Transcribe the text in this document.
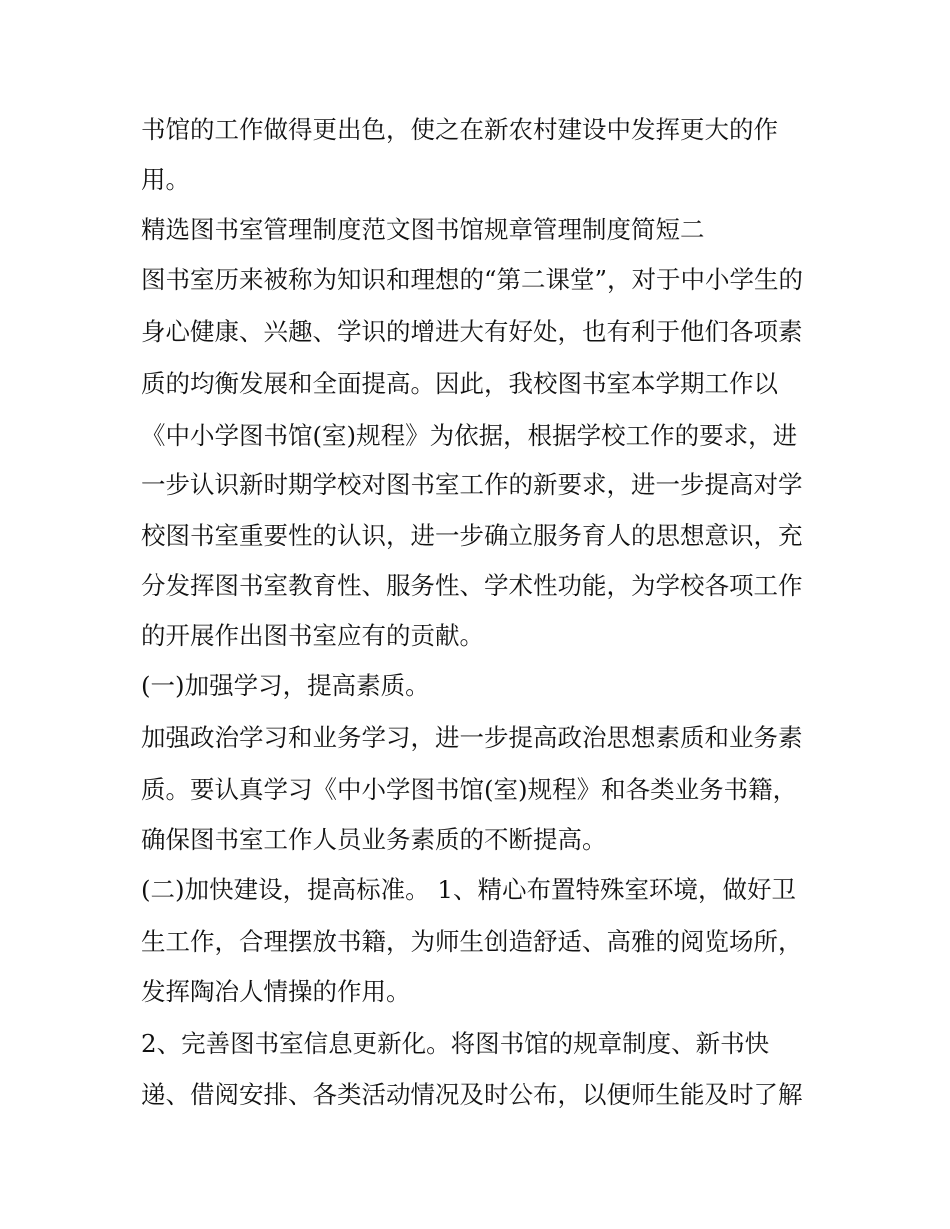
书馆的工作做得更出色，使之在新农村建设中发挥更大的作
用。
精选图书室管理制度范文图书馆规章管理制度简短二
图书室历来被称为知识和理想的“第二课堂”，对于中小学生的
身心健康、兴趣、学识的增进大有好处，也有利于他们各项素
质的均衡发展和全面提高。因此，我校图书室本学期工作以
《中小学图书馆(室)规程》为依据，根据学校工作的要求，进
一步认识新时期学校对图书室工作的新要求，进一步提高对学
校图书室重要性的认识，进一步确立服务育人的思想意识，充
分发挥图书室教育性、服务性、学术性功能，为学校各项工作
的开展作出图书室应有的贡献。
(一)加强学习，提高素质。
加强政治学习和业务学习，进一步提高政治思想素质和业务素
质。要认真学习《中小学图书馆(室)规程》和各类业务书籍，
确保图书室工作人员业务素质的不断提高。
(二)加快建设，提高标准。 1、精心布置特殊室环境，做好卫
生工作，合理摆放书籍，为师生创造舒适、高雅的阅览场所，
发挥陶冶人情操的作用。
2、完善图书室信息更新化。将图书馆的规章制度、新书快
递、借阅安排、各类活动情况及时公布，以便师生能及时了解
